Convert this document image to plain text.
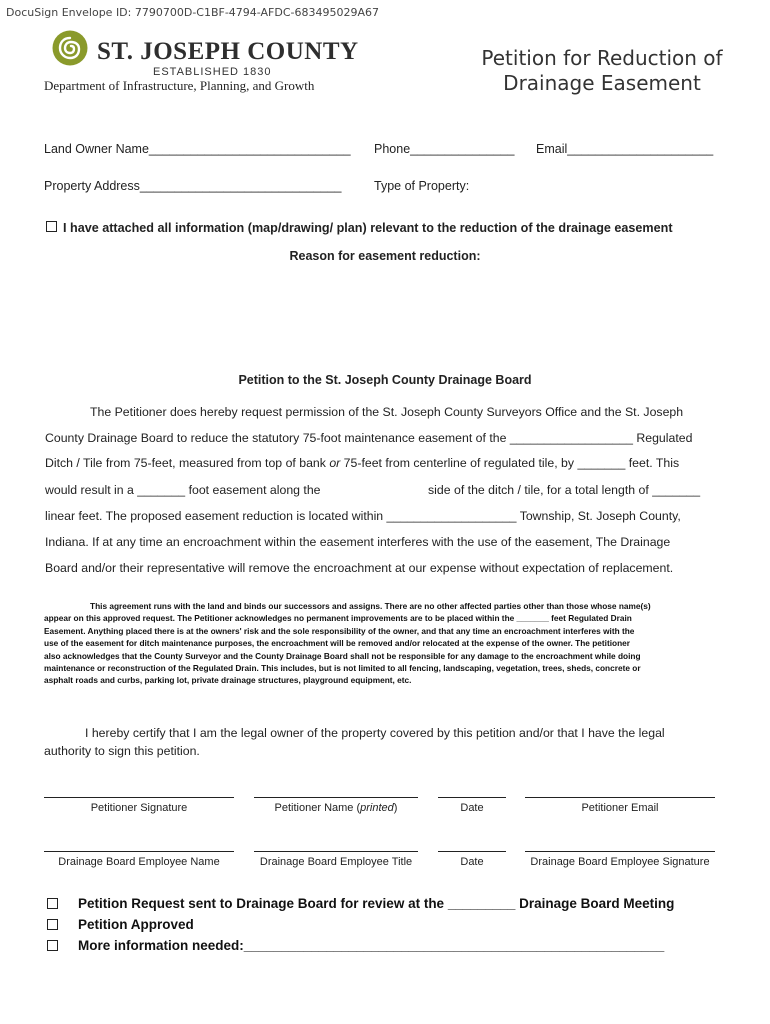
DocuSign Envelope ID: 7790700D-C1BF-4794-AFDC-683495029A67
ST. JOSEPH COUNTY
ESTABLISHED 1830
Department of Infrastructure, Planning, and Growth
Petition for Reduction of
Drainage Easement
Land Owner Name_____________________________ Phone_______________ Email_____________________
Property Address_____________________________	Type of Property:
I have attached all information (map/drawing/ plan) relevant to the reduction of the drainage easement
Reason for easement reduction:
Petition to the St. Joseph County Drainage Board
The Petitioner does hereby request permission of the St. Joseph County Surveyors Office and the St. Joseph
County Drainage Board to reduce the statutory 75-foot maintenance easement of the __________________ Regulated
Ditch / Tile from 75-feet, measured from top of bank or 75-feet from centerline of regulated tile, by _______ feet. This
would result in a _______ foot easement along the	side of the ditch / tile, for a total length of _______
linear feet. The proposed easement reduction is located within ___________________ Township, St. Joseph County,
Indiana. If at any time an encroachment within the easement interferes with the use of the easement, The Drainage
Board and/or their representative will remove the encroachment at our expense without expectation of replacement.
This agreement runs with the land and binds our successors and assigns. There are no other affected parties other than those whose name(s)
appear on this approved request. The Petitioner acknowledges no permanent improvements are to be placed within the _______ feet Regulated Drain
Easement. Anything placed there is at the owners' risk and the sole responsibility of the owner, and that any time an encroachment interferes with the
use of the easement for ditch maintenance purposes, the encroachment will be removed and/or relocated at the expense of the owner. The petitioner
also acknowledges that the County Surveyor and the County Drainage Board shall not be responsible for any damage to the encroachment while doing
maintenance or reconstruction of the Regulated Drain. This includes, but is not limited to all fencing, landscaping, vegetation, trees, sheds, concrete or
asphalt roads and curbs, parking lot, private drainage structures, playground equipment, etc.
I hereby certify that I am the legal owner of the property covered by this petition and/or that I have the legal
authority to sign this petition.
Petitioner Signature	Petitioner Name (printed)	Date	Petitioner Email
Drainage Board Employee Name	Drainage Board Employee Title	Date	Drainage Board Employee Signature
Petition Request sent to Drainage Board for review at the _________ Drainage Board Meeting
Petition Approved
More information needed:________________________________________________________
